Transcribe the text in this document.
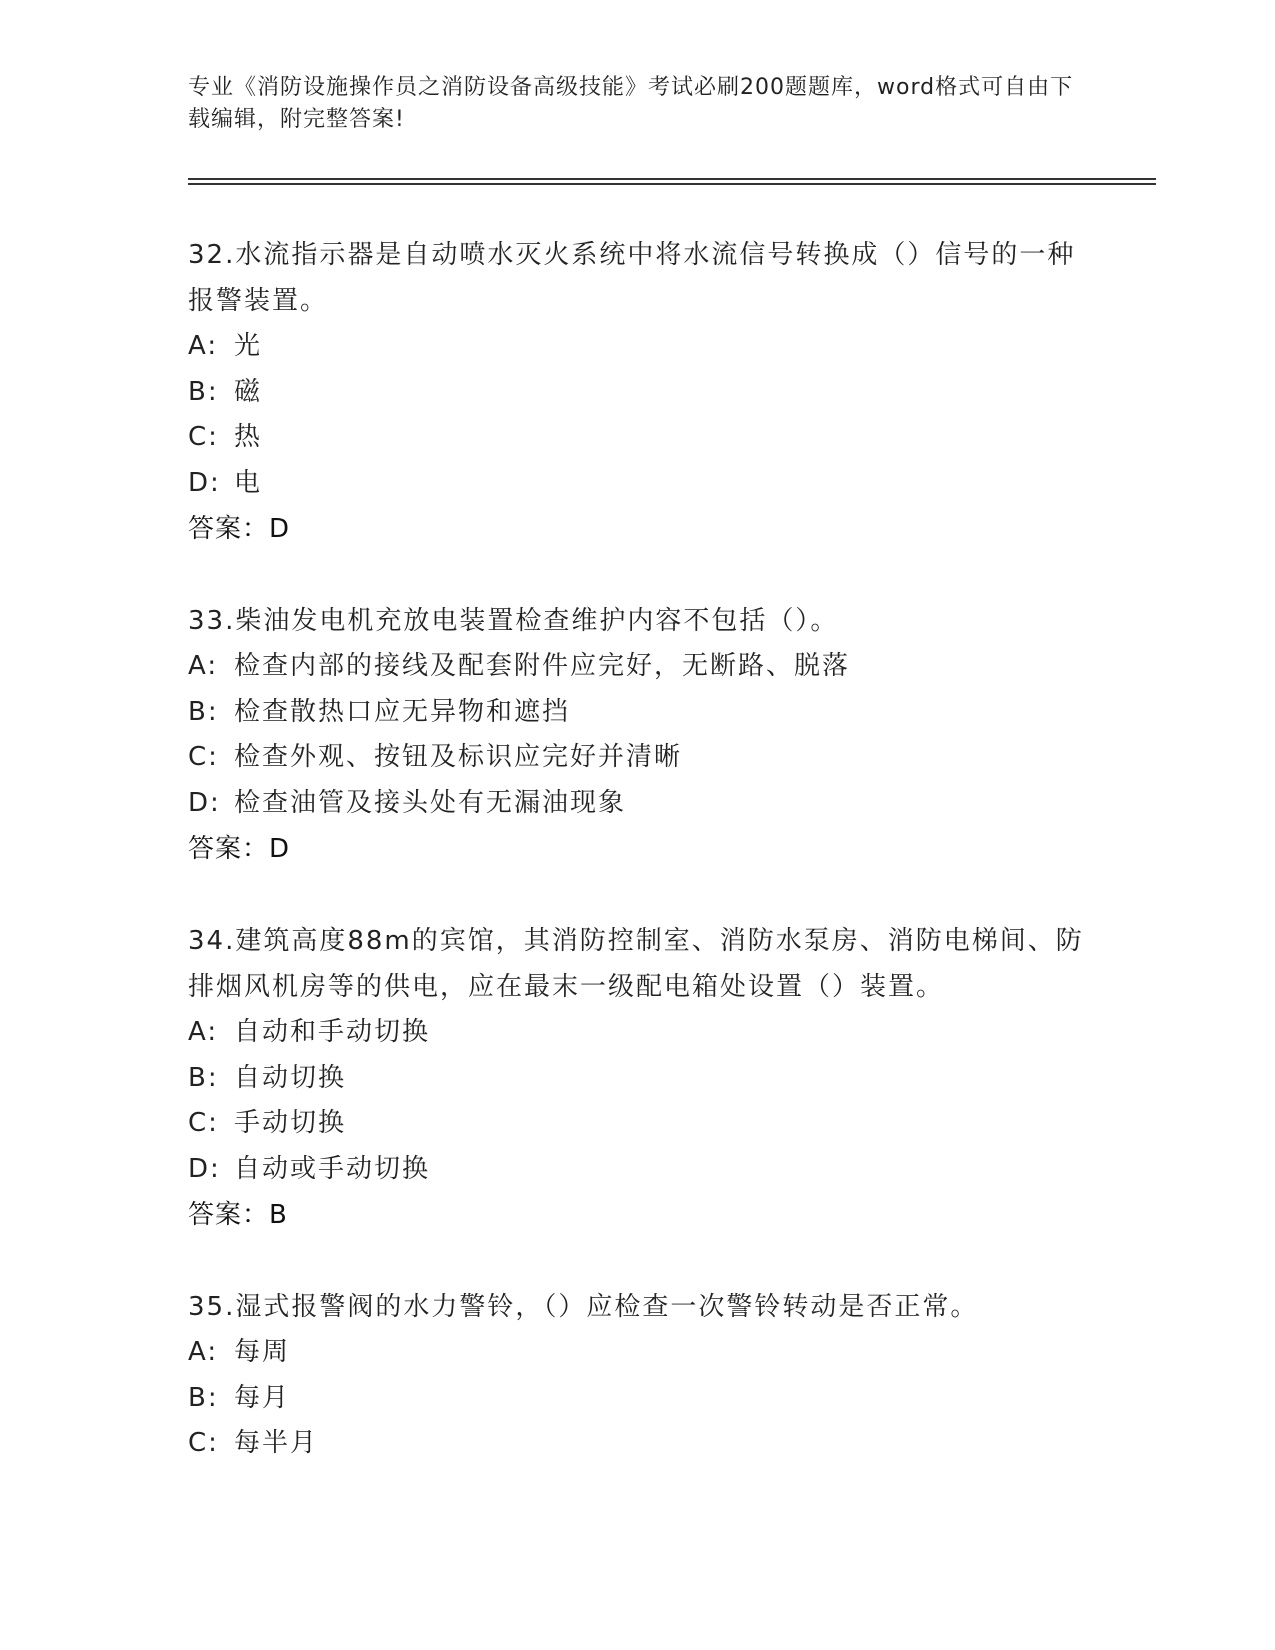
专业《消防设施操作员之消防设备高级技能》考试必刷200题题库，word格式可自由下载编辑，附完整答案!

32.水流指示器是自动喷水灭火系统中将水流信号转换成（）信号的一种报警装置。

A: 光

B: 磁

C: 热

D: 电

答案：D

33.柴油发电机充放电装置检查维护内容不包括（）。

A: 检查内部的接线及配套附件应完好，无断路、脱落

B: 检查散热口应无异物和遮挡

C: 检查外观、按钮及标识应完好并清晰

D: 检查油管及接头处有无漏油现象

答案：D

34.建筑高度88m的宾馆，其消防控制室、消防水泵房、消防电梯间、防排烟风机房等的供电，应在最末一级配电箱处设置（）装置。

A: 自动和手动切换

B: 自动切换

C: 手动切换

D: 自动或手动切换

答案：B

35.湿式报警阀的水力警铃，（）应检查一次警铃转动是否正常。

A: 每周

B: 每月

C: 每半月
